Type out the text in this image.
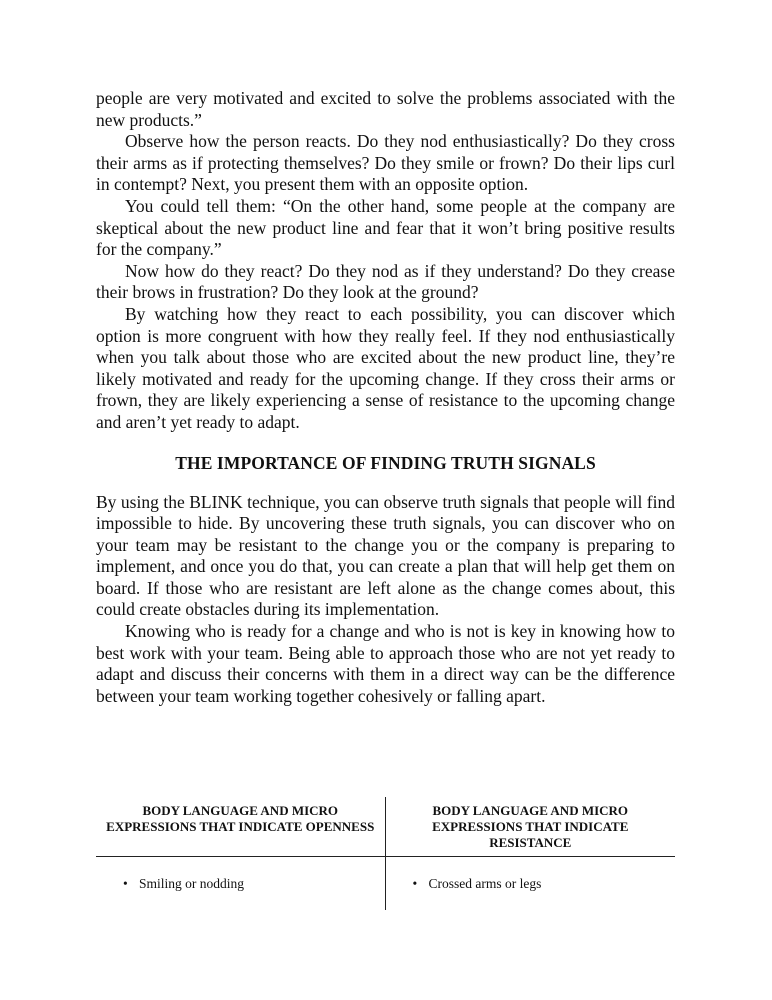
people are very motivated and excited to solve the problems associated with the new products.”

Observe how the person reacts. Do they nod enthusiastically? Do they cross their arms as if protecting themselves? Do they smile or frown? Do their lips curl in contempt? Next, you present them with an opposite option.

You could tell them: “On the other hand, some people at the company are skeptical about the new product line and fear that it won’t bring positive results for the company.”

Now how do they react? Do they nod as if they understand? Do they crease their brows in frustration? Do they look at the ground?

By watching how they react to each possibility, you can discover which option is more congruent with how they really feel. If they nod enthusiastically when you talk about those who are excited about the new product line, they’re likely motivated and ready for the upcoming change. If they cross their arms or frown, they are likely experiencing a sense of resistance to the upcoming change and aren’t yet ready to adapt.

THE IMPORTANCE OF FINDING TRUTH SIGNALS

By using the BLINK technique, you can observe truth signals that people will find impossible to hide. By uncovering these truth signals, you can discover who on your team may be resistant to the change you or the company is preparing to implement, and once you do that, you can create a plan that will help get them on board. If those who are resistant are left alone as the change comes about, this could create obstacles during its implementation.

Knowing who is ready for a change and who is not is key in knowing how to best work with your team. Being able to approach those who are not yet ready to adapt and discuss their concerns with them in a direct way can be the difference between your team working together cohesively or falling apart.

BODY LANGUAGE AND MICRO EXPRESSIONS THAT INDICATE OPENNESS
BODY LANGUAGE AND MICRO EXPRESSIONS THAT INDICATE RESISTANCE
• Smiling or nodding
•	Crossed arms or legs
